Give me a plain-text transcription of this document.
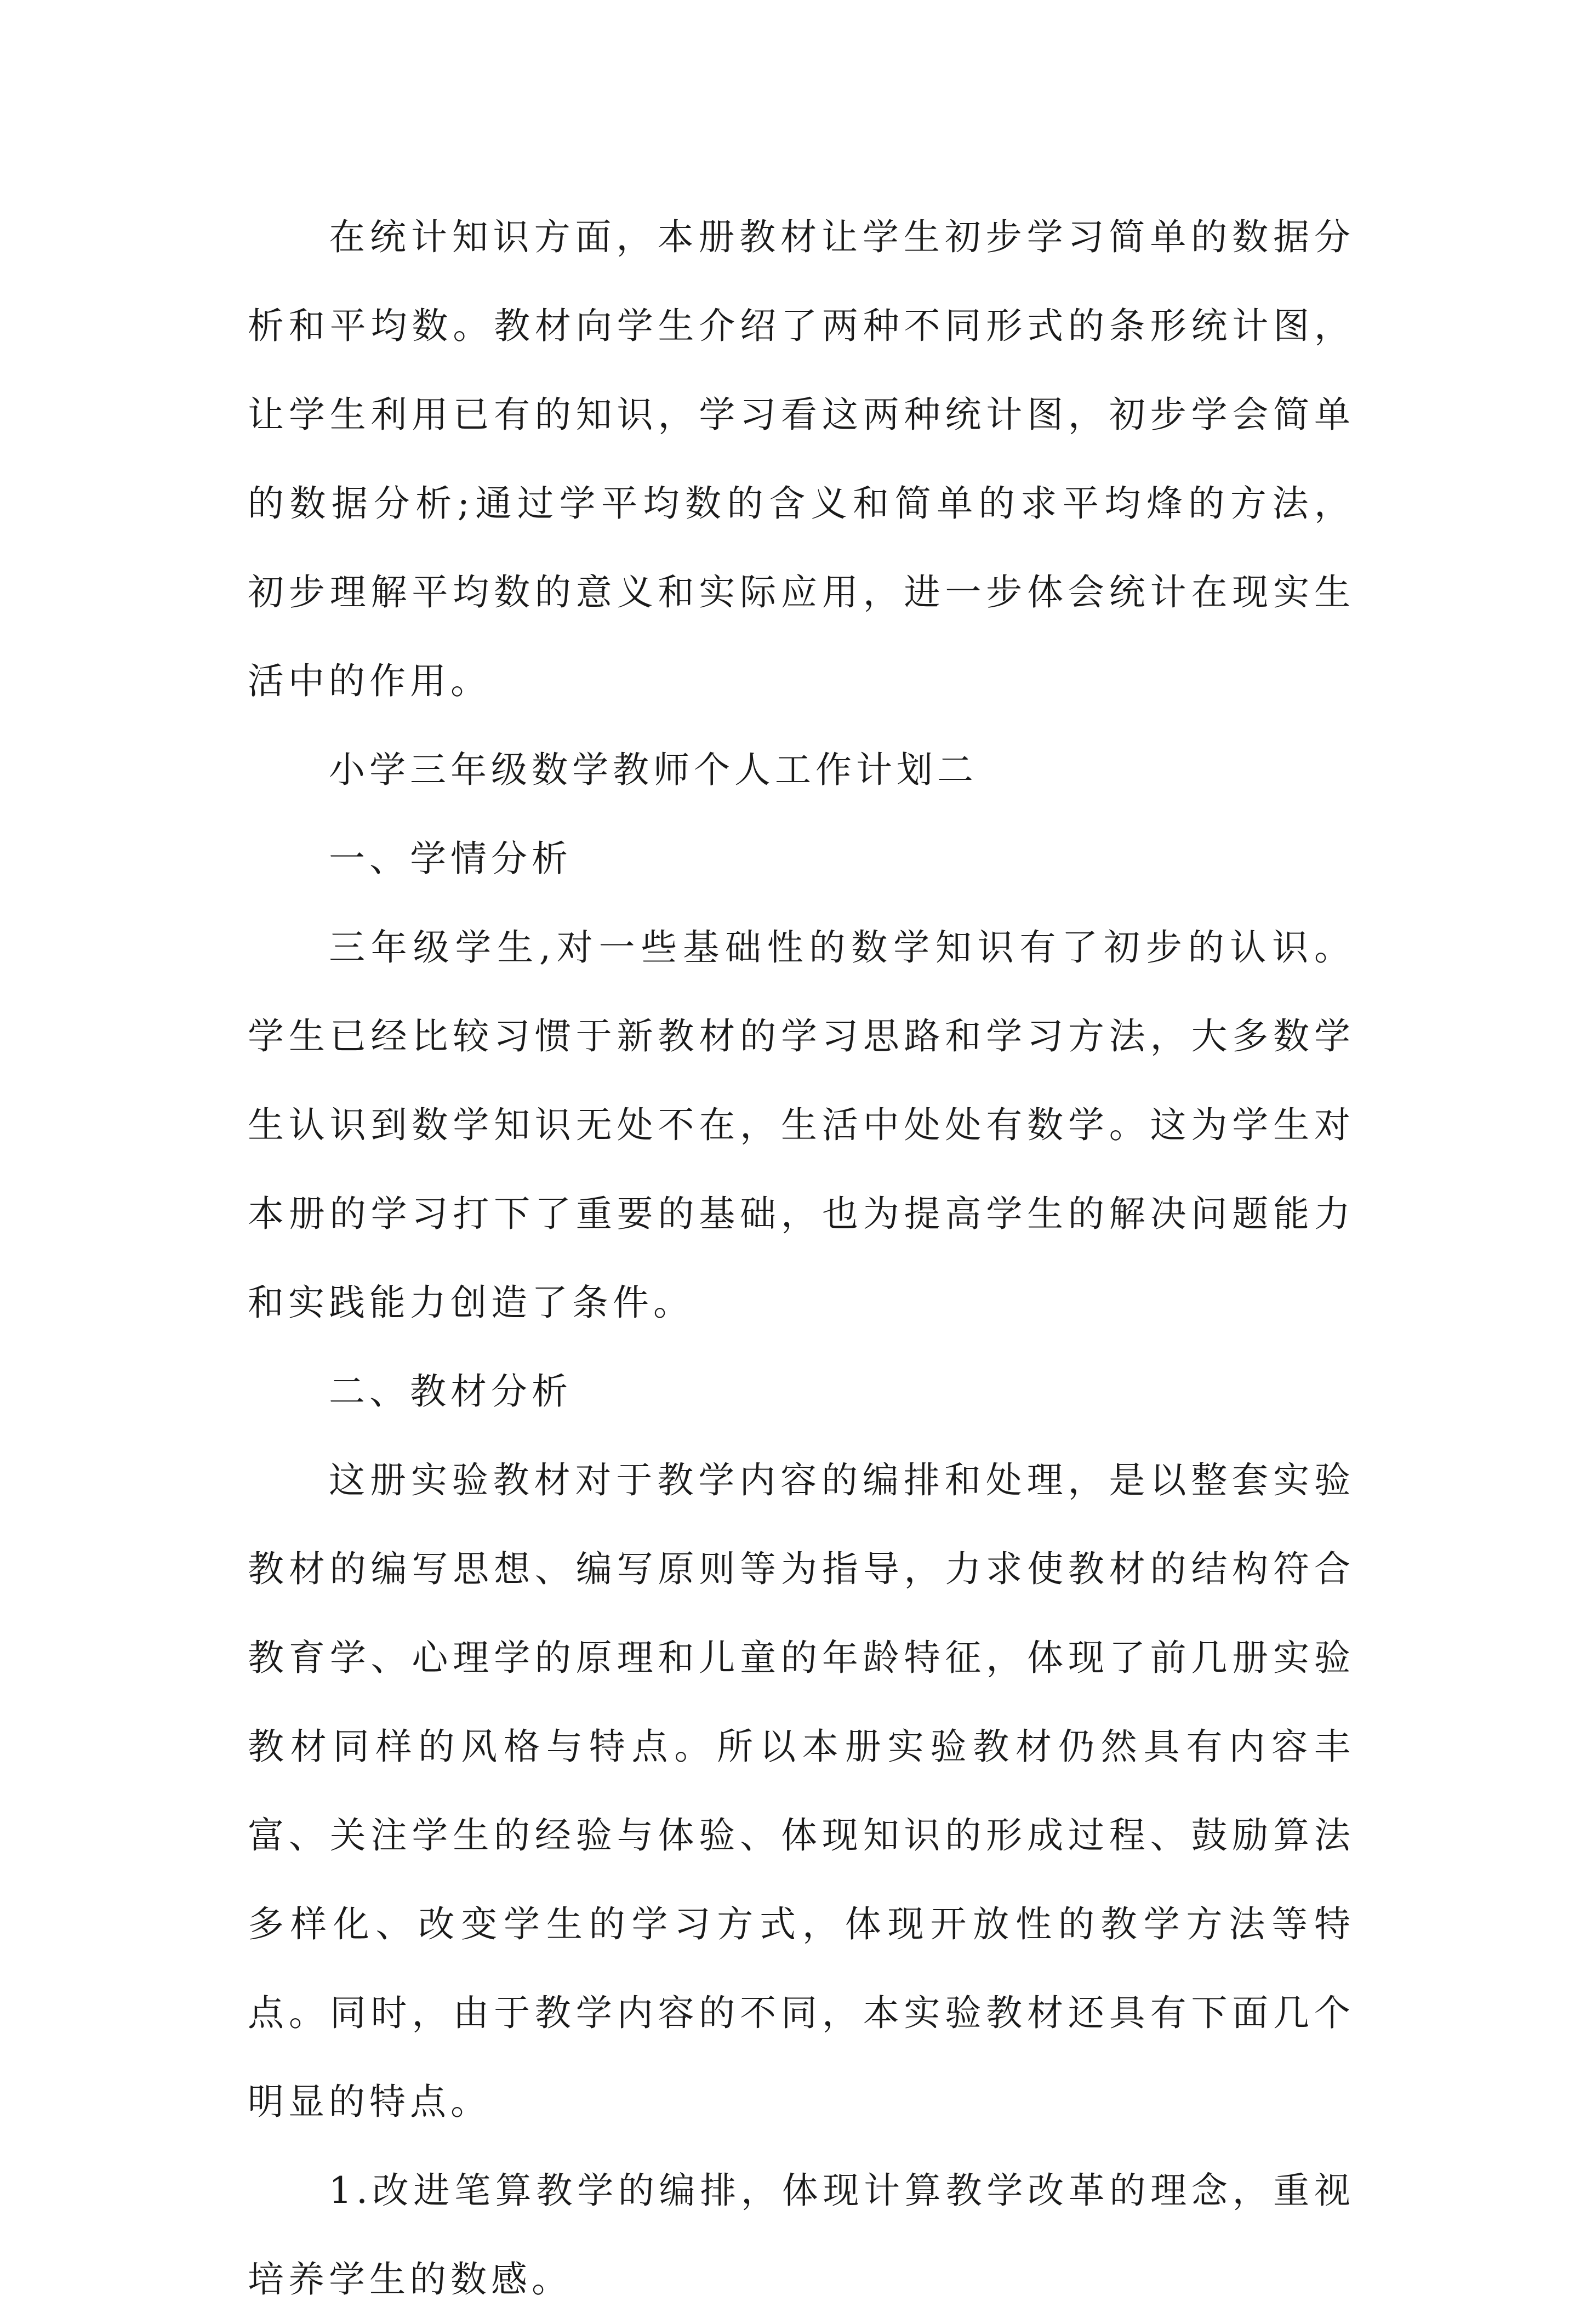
在统计知识方面，本册教材让学生初步学习简单的数据分析和平均数。教材向学生介绍了两种不同形式的条形统计图，让学生利用已有的知识，学习看这两种统计图，初步学会简单的数据分析;通过学平均数的含义和简单的求平均烽的方法，初步理解平均数的意义和实际应用，进一步体会统计在现实生活中的作用。

小学三年级数学教师个人工作计划二

一、学情分析

三年级学生,对一些基础性的数学知识有了初步的认识。学生已经比较习惯于新教材的学习思路和学习方法，大多数学生认识到数学知识无处不在，生活中处处有数学。这为学生对本册的学习打下了重要的基础，也为提高学生的解决问题能力和实践能力创造了条件。

二、教材分析

这册实验教材对于教学内容的编排和处理，是以整套实验教材的编写思想、编写原则等为指导，力求使教材的结构符合教育学、心理学的原理和儿童的年龄特征，体现了前几册实验教材同样的风格与特点。所以本册实验教材仍然具有内容丰富、关注学生的经验与体验、体现知识的形成过程、鼓励算法多样化、改变学生的学习方式，体现开放性的教学方法等特点。同时，由于教学内容的不同，本实验教材还具有下面几个明显的特点。

1.改进笔算教学的编排，体现计算教学改革的理念，重视培养学生的数感。
